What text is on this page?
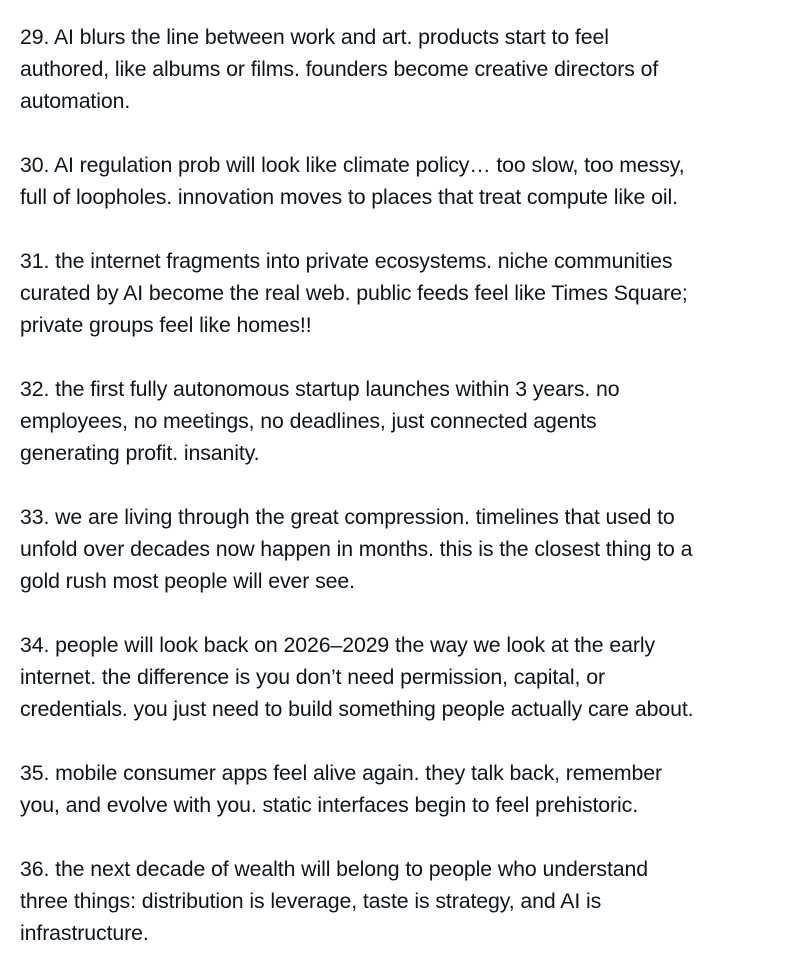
29. AI blurs the line between work and art. products start to feel
authored, like albums or films. founders become creative directors of
automation.

30. AI regulation prob will look like climate policy… too slow, too messy,
full of loopholes. innovation moves to places that treat compute like oil.

31. the internet fragments into private ecosystems. niche communities
curated by AI become the real web. public feeds feel like Times Square;
private groups feel like homes!!

32. the first fully autonomous startup launches within 3 years. no
employees, no meetings, no deadlines, just connected agents
generating profit. insanity.

33. we are living through the great compression. timelines that used to
unfold over decades now happen in months. this is the closest thing to a
gold rush most people will ever see.

34. people will look back on 2026–2029 the way we look at the early
internet. the difference is you don’t need permission, capital, or
credentials. you just need to build something people actually care about.

35. mobile consumer apps feel alive again. they talk back, remember
you, and evolve with you. static interfaces begin to feel prehistoric.

36. the next decade of wealth will belong to people who understand
three things: distribution is leverage, taste is strategy, and AI is
infrastructure.
